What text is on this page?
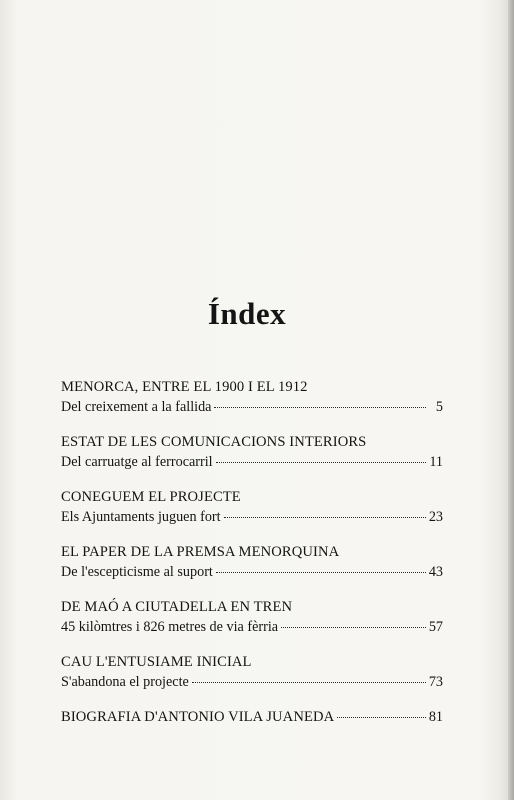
Índex
MENORCA, ENTRE EL 1900 I EL 1912
Del creixement a la fallida	5
ESTAT DE LES COMUNICACIONS INTERIORS
Del carruatge al ferrocarril	11
CONEGUEM EL PROJECTE
Els Ajuntaments juguen fort	23
EL PAPER DE LA PREMSA MENORQUINA
De l'escepticisme al suport	43
DE MAÓ A CIUTADELLA EN TREN
45 kilòmtres i 826 metres de via fèrria	57
CAU L'ENTUSIAME INICIAL
S'abandona el projecte	73
BIOGRAFIA D'ANTONIO VILA JUANEDA	81
